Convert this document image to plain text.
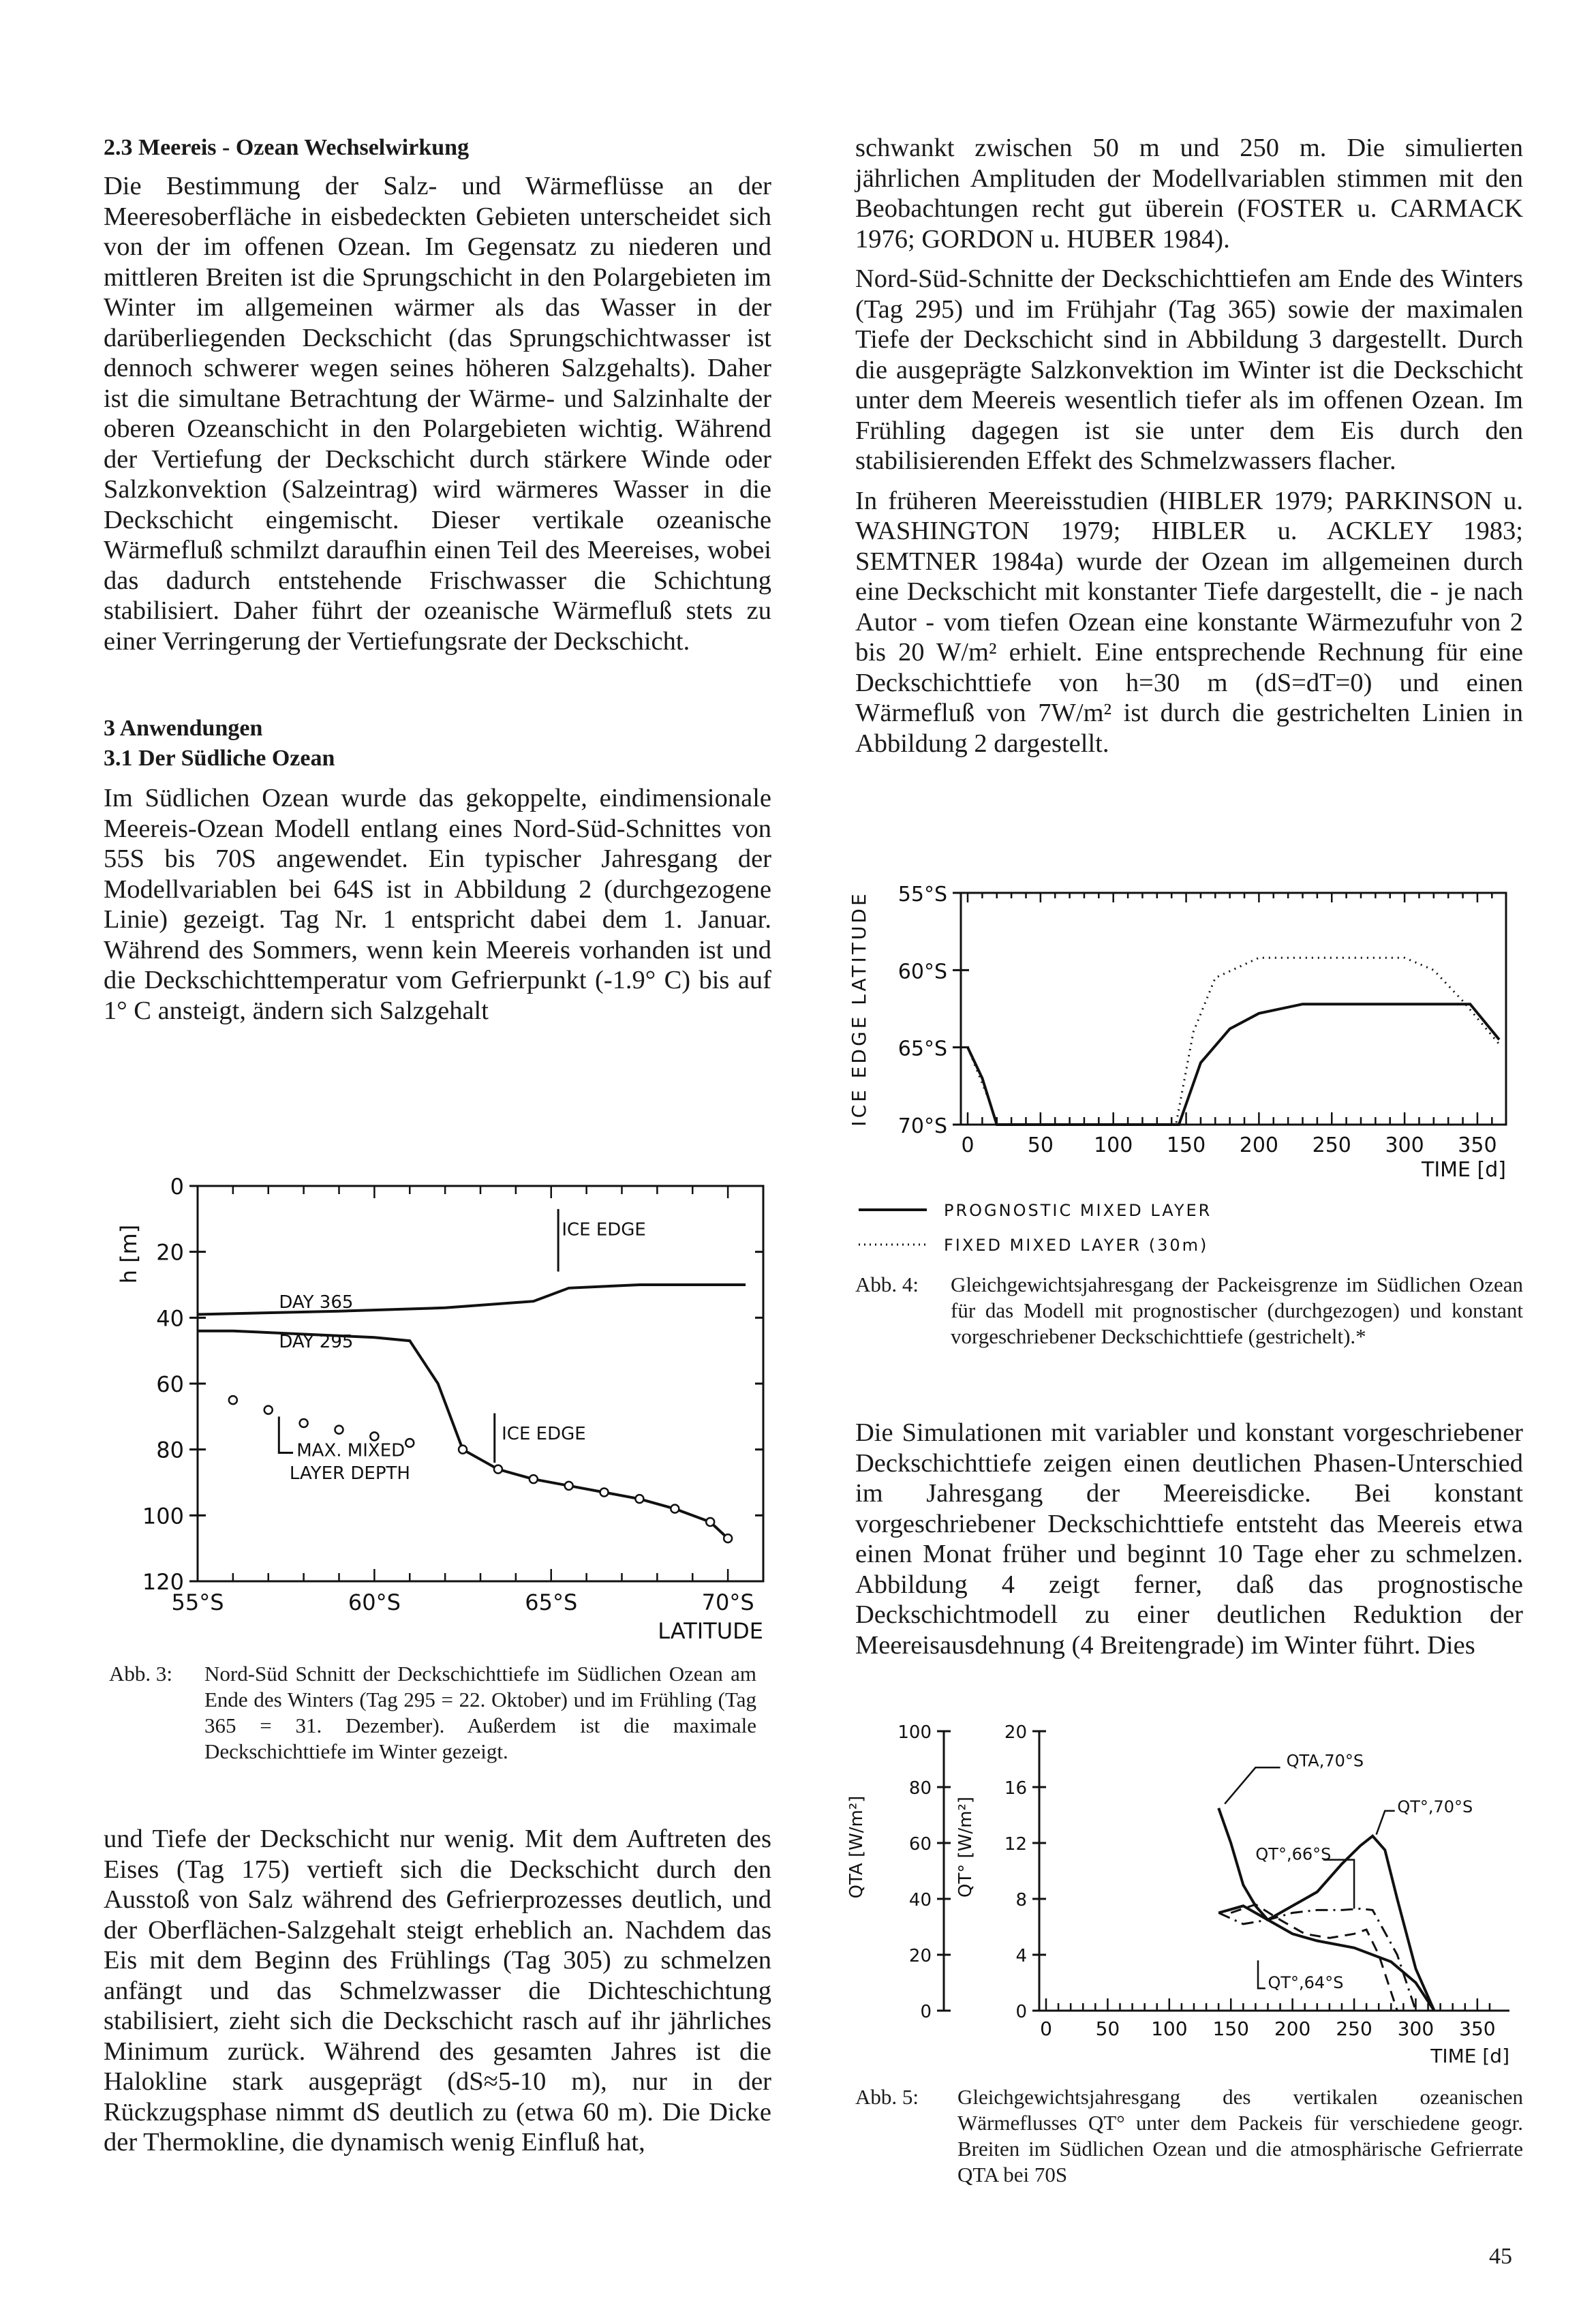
2.3 Meereis - Ozean Wechselwirkung

Die Bestimmung der Salz- und Wärmeflüsse an der Meeresoberfläche in eisbedeckten Gebieten unterscheidet sich von der im offenen Ozean. Im Gegensatz zu niederen und mittleren Breiten ist die Sprungschicht in den Polargebieten im Winter im allgemeinen wärmer als das Wasser in der darüberliegenden Deckschicht (das Sprungschichtwasser ist dennoch schwerer wegen seines höheren Salzgehalts). Daher ist die simultane Betrachtung der Wärme- und Salzinhalte der oberen Ozeanschicht in den Polargebieten wichtig. Während der Vertiefung der Deckschicht durch stärkere Winde oder Salzkonvektion (Salzeintrag) wird wärmeres Wasser in die Deckschicht eingemischt. Dieser vertikale ozeanische Wärmefluß schmilzt daraufhin einen Teil des Meereises, wobei das dadurch entstehende Frischwasser die Schichtung stabilisiert. Daher führt der ozeanische Wärmefluß stets zu einer Verringerung der Vertiefungsrate der Deckschicht.

3 Anwendungen

3.1 Der Südliche Ozean

Im Südlichen Ozean wurde das gekoppelte, eindimensionale Meereis-Ozean Modell entlang eines Nord-Süd-Schnittes von 55S bis 70S angewendet. Ein typischer Jahresgang der Modellvariablen bei 64S ist in Abbildung 2 (durchgezogene Linie) gezeigt. Tag Nr. 1 entspricht dabei dem 1. Januar. Während des Sommers, wenn kein Meereis vorhanden ist und die Deckschichttemperatur vom Gefrierpunkt (-1.9° C) bis auf 1° C ansteigt, ändern sich Salzgehalt

0
20
40
60
80
100
120
55°S	60°S	65°S	70°S
LATITUDE
h [m]
DAY 365
DAY 295
ICE EDGE
ICE EDGE
MAX. MIXED
LAYER DEPTH
Abb. 3:	Nord-Süd Schnitt der Deckschichttiefe im Südlichen Ozean am Ende des Winters (Tag 295 = 22. Oktober) und im Frühling (Tag 365 = 31. Dezember). Außerdem ist die maximale Deckschichttiefe im Winter gezeigt.

und Tiefe der Deckschicht nur wenig. Mit dem Auftreten des Eises (Tag 175) vertieft sich die Deckschicht durch den Ausstoß von Salz während des Gefrierprozesses deutlich, und der Oberflächen-Salzgehalt steigt erheblich an. Nachdem das Eis mit dem Beginn des Frühlings (Tag 305) zu schmelzen anfängt und das Schmelzwasser die Dichteschichtung stabilisiert, zieht sich die Deckschicht rasch auf ihr jährliches Minimum zurück. Während des gesamten Jahres ist die Halokline stark ausgeprägt (dS≈5-10 m), nur in der Rückzugsphase nimmt dS deutlich zu (etwa 60 m). Die Dicke der Thermokline, die dynamisch wenig Einfluß hat,

schwankt zwischen 50 m und 250 m. Die simulierten jährlichen Amplituden der Modellvariablen stimmen mit den Beobachtungen recht gut überein (FOSTER u. CARMACK 1976; GORDON u. HUBER 1984).

Nord-Süd-Schnitte der Deckschichttiefen am Ende des Winters (Tag 295) und im Frühjahr (Tag 365) sowie der maximalen Tiefe der Deckschicht sind in Abbildung 3 dargestellt. Durch die ausgeprägte Salzkonvektion im Winter ist die Deckschicht unter dem Meereis wesentlich tiefer als im offenen Ozean. Im Frühling dagegen ist sie unter dem Eis durch den stabilisierenden Effekt des Schmelzwassers flacher.

In früheren Meereisstudien (HIBLER 1979; PARKINSON u. WASHINGTON 1979; HIBLER u. ACKLEY 1983; SEMTNER 1984a) wurde der Ozean im allgemeinen durch eine Deckschicht mit konstanter Tiefe dargestellt, die - je nach Autor - vom tiefen Ozean eine konstante Wärmezufuhr von 2 bis 20 W/m² erhielt. Eine entsprechende Rechnung für eine Deckschichttiefe von h=30 m (dS=dT=0) und einen Wärmefluß von 7W/m² ist durch die gestrichelten Linien in Abbildung 2 dargestellt.

55°S
60°S
65°S
70°S
0	50 100 150 200 250 300 350
TIME [d]
ICE EDGE LATITUDE
PROGNOSTIC MIXED LAYER
FIXED MIXED LAYER (30m)
Abb. 4:	Gleichgewichtsjahresgang der Packeisgrenze im Südlichen Ozean für das Modell mit prognostischer (durchgezogen) und konstant vorgeschriebener Deckschichttiefe (gestrichelt).*

Die Simulationen mit variabler und konstant vorgeschriebener Deckschichttiefe zeigen einen deutlichen Phasen-Unterschied im Jahresgang der Meereisdicke. Bei konstant vorgeschriebener Deckschichttiefe entsteht das Meereis etwa einen Monat früher und beginnt 10 Tage eher zu schmelzen. Abbildung 4 zeigt ferner, daß das prognostische Deckschichtmodell zu einer deutlichen Reduktion der Meereisausdehnung (4 Breitengrade) im Winter führt. Dies

0
20
40
60
80
100
0
4
8
12
16
20
0 50 100 150 200 250 300 350
TIME [d]
QTA [W/m²]	QT° [W/m²]
QTA,70°S
QT°,70°S
QT°,66°S
QT°,64°S
Abb. 5:	Gleichgewichtsjahresgang des vertikalen ozeanischen Wärmeflusses QT° unter dem Packeis für verschiedene geogr. Breiten im Südlichen Ozean und die atmosphärische Gefrierrate QTA bei 70S
45
